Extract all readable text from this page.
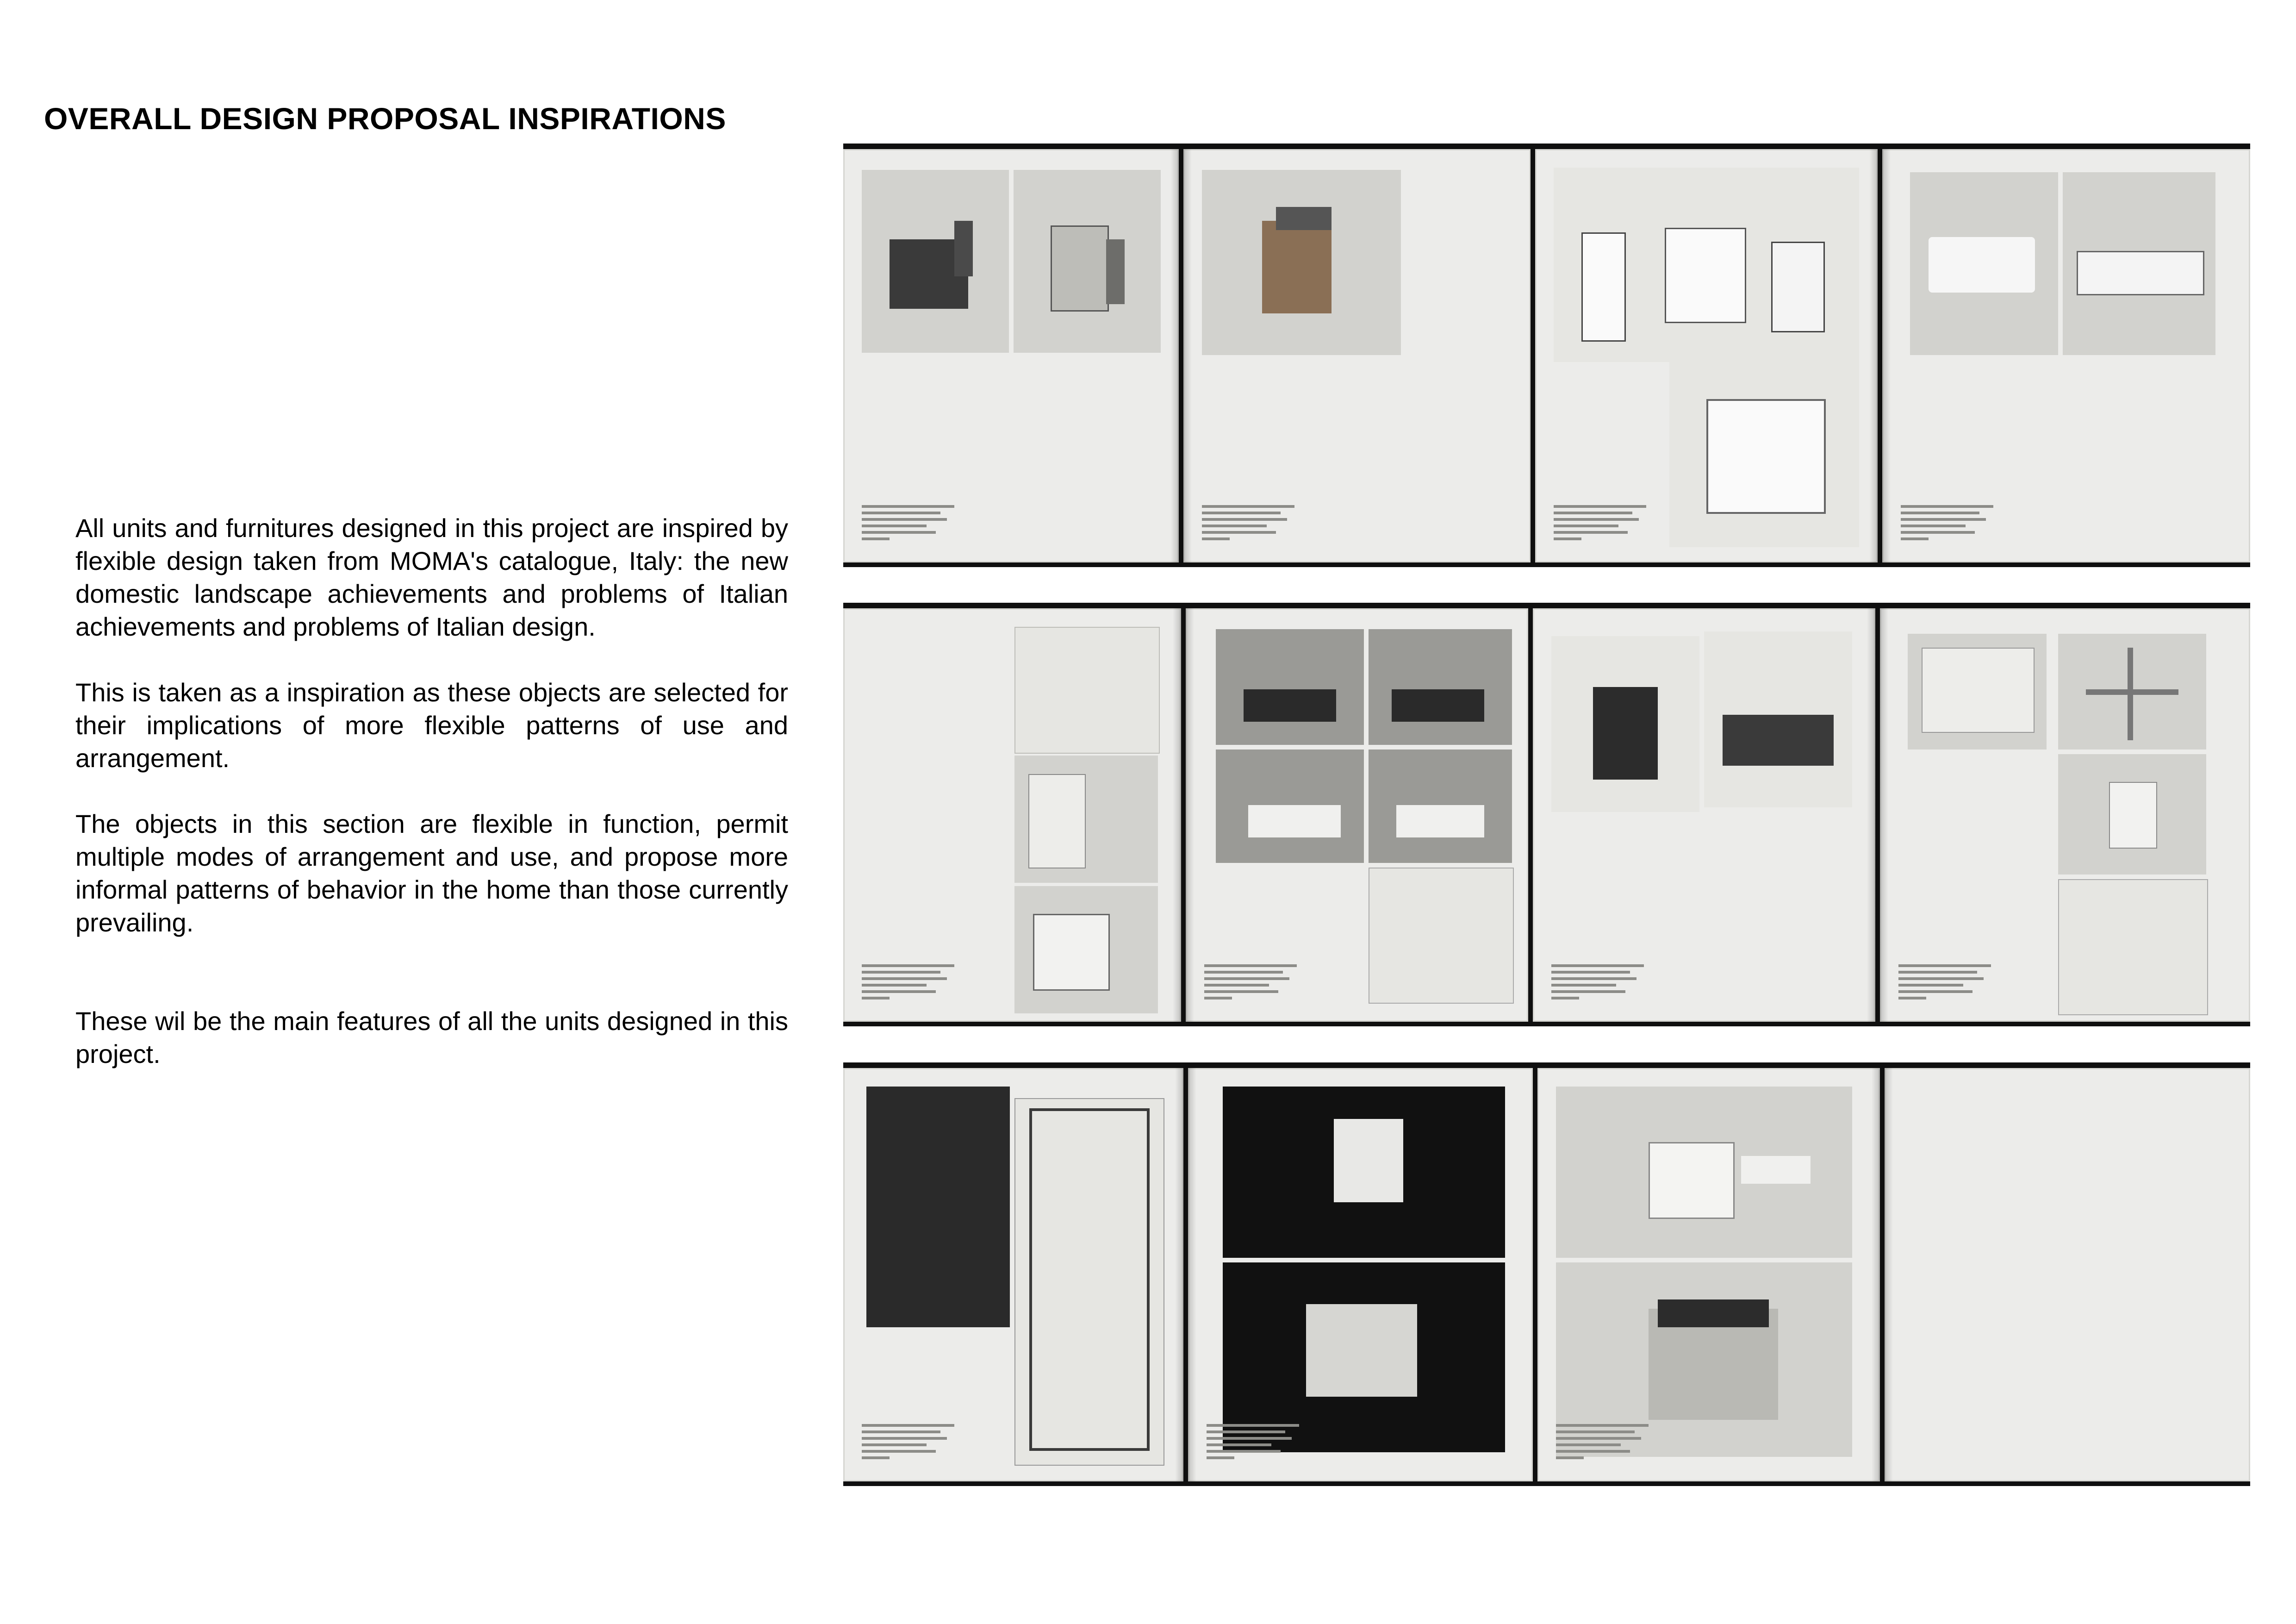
OVERALL DESIGN PROPOSAL INSPIRATIONS

All units and furnitures designed in this project are inspired by flexible design taken from MOMA's catalogue, Italy: the new domestic landscape achievements and problems of Italian achievements and problems of Italian design.

This is taken as a inspiration as these objects are selected for their implications of more flexible patterns of use and arrangement.

The objects in this section are flexible in function, permit multiple modes of arrangement and use, and propose more informal patterns of behavior in the home than those currently prevailing.

These wil be the main features of all the units designed in this project.
